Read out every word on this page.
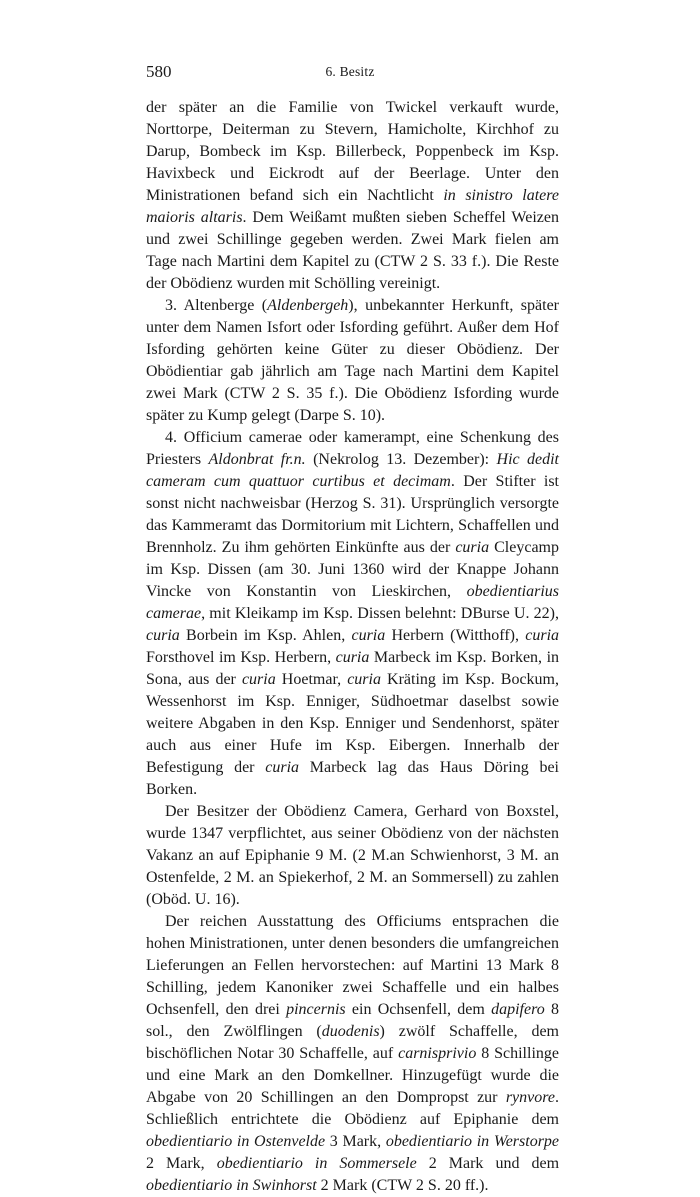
580	6. Besitz

der später an die Familie von Twickel verkauft wurde, Norttorpe, Deiterman zu Stevern, Hamicholte, Kirchhof zu Darup, Bombeck im Ksp. Billerbeck, Poppenbeck im Ksp. Havixbeck und Eickrodt auf der Beerlage. Unter den Ministrationen befand sich ein Nachtlicht in sinistro latere maioris altaris. Dem Weißamt mußten sieben Scheffel Weizen und zwei Schillinge gegeben werden. Zwei Mark fielen am Tage nach Martini dem Kapitel zu (CTW 2 S. 33 f.). Die Reste der Obödienz wurden mit Schölling vereinigt.

3. Altenberge (Aldenbergeh), unbekannter Herkunft, später unter dem Namen Isfort oder Isfording geführt. Außer dem Hof Isfording gehörten keine Güter zu dieser Obödienz. Der Obödientiar gab jährlich am Tage nach Martini dem Kapitel zwei Mark (CTW 2 S. 35 f.). Die Obödienz Isfording wurde später zu Kump gelegt (Darpe S. 10).

4. Officium camerae oder kamerampt, eine Schenkung des Priesters Aldonbrat fr.n. (Nekrolog 13. Dezember): Hic dedit cameram cum quattuor curtibus et decimam. Der Stifter ist sonst nicht nachweisbar (Herzog S. 31). Ursprünglich versorgte das Kammeramt das Dormitorium mit Lichtern, Schaffellen und Brennholz. Zu ihm gehörten Einkünfte aus der curia Cleycamp im Ksp. Dissen (am 30. Juni 1360 wird der Knappe Johann Vincke von Konstantin von Lieskirchen, obedientiarius camerae, mit Kleikamp im Ksp. Dissen belehnt: DBurse U. 22), curia Borbein im Ksp. Ahlen, curia Herbern (Witthoff), curia Forsthovel im Ksp. Herbern, curia Marbeck im Ksp. Borken, in Sona, aus der curia Hoetmar, curia Kräting im Ksp. Bockum, Wessenhorst im Ksp. Enniger, Südhoetmar daselbst sowie weitere Abgaben in den Ksp. Enniger und Sendenhorst, später auch aus einer Hufe im Ksp. Eibergen. Innerhalb der Befestigung der curia Marbeck lag das Haus Döring bei Borken.

Der Besitzer der Obödienz Camera, Gerhard von Boxstel, wurde 1347 verpflichtet, aus seiner Obödienz von der nächsten Vakanz an auf Epiphanie 9 M. (2 M.an Schwienhorst, 3 M. an Ostenfelde, 2 M. an Spiekerhof, 2 M. an Sommersell) zu zahlen (Oböd. U. 16).

Der reichen Ausstattung des Officiums entsprachen die hohen Ministrationen, unter denen besonders die umfangreichen Lieferungen an Fellen hervorstechen: auf Martini 13 Mark 8 Schilling, jedem Kanoniker zwei Schaffelle und ein halbes Ochsenfell, den drei pincernis ein Ochsenfell, dem dapifero 8 sol., den Zwölflingen (duodenis) zwölf Schaffelle, dem bischöflichen Notar 30 Schaffelle, auf carnisprivio 8 Schillinge und eine Mark an den Domkellner. Hinzugefügt wurde die Abgabe von 20 Schillingen an den Dompropst zur rynvore. Schließlich entrichtete die Obödienz auf Epiphanie dem obedientiario in Ostenvelde 3 Mark, obedientiario in Werstorpe 2 Mark, obedientiario in Sommersele 2 Mark und dem obedientiario in Swinhorst 2 Mark (CTW 2 S. 20 ff.).
